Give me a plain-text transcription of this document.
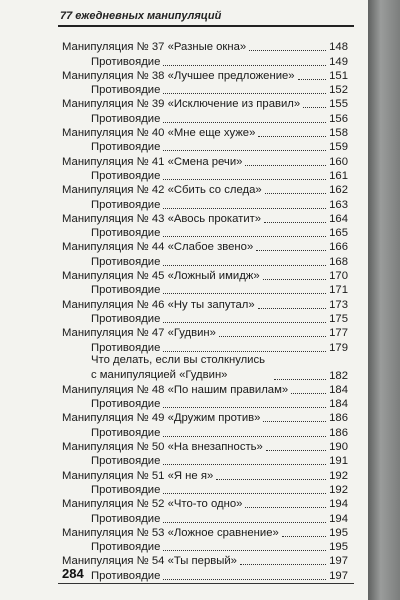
77 ежедневных манипуляций
Манипуляция № 37 «Разные окна»	148
Противоядие	149
Манипуляция № 38 «Лучшее предложение»	151
Противоядие	152
Манипуляция № 39 «Исключение из правил»	155
Противоядие	156
Манипуляция № 40 «Мне еще хуже»	158
Противоядие	159
Манипуляция № 41 «Смена речи»	160
Противоядие	161
Манипуляция № 42 «Сбить со следа»	162
Противоядие	163
Манипуляция № 43 «Авось прокатит»	164
Противоядие	165
Манипуляция № 44 «Слабое звено»	166
Противоядие	168
Манипуляция № 45 «Ложный имидж»	170
Противоядие	171
Манипуляция № 46 «Ну ты запутал»	173
Противоядие	175
Манипуляция № 47 «Гудвин»	177
Противоядие	179
Что делать, если вы столкнулись с манипуляцией «Гудвин»	182
Манипуляция № 48 «По нашим правилам»	184
Противоядие	184
Манипуляция № 49 «Дружим против»	186
Противоядие	186
Манипуляция № 50 «На внезапность»	190
Противоядие	191
Манипуляция № 51 «Я не я»	192
Противоядие	192
Манипуляция № 52 «Что-то одно»	194
Противоядие	194
Манипуляция № 53 «Ложное сравнение»	195
Противоядие	195
Манипуляция № 54 «Ты первый»	197
Противоядие	197
284
